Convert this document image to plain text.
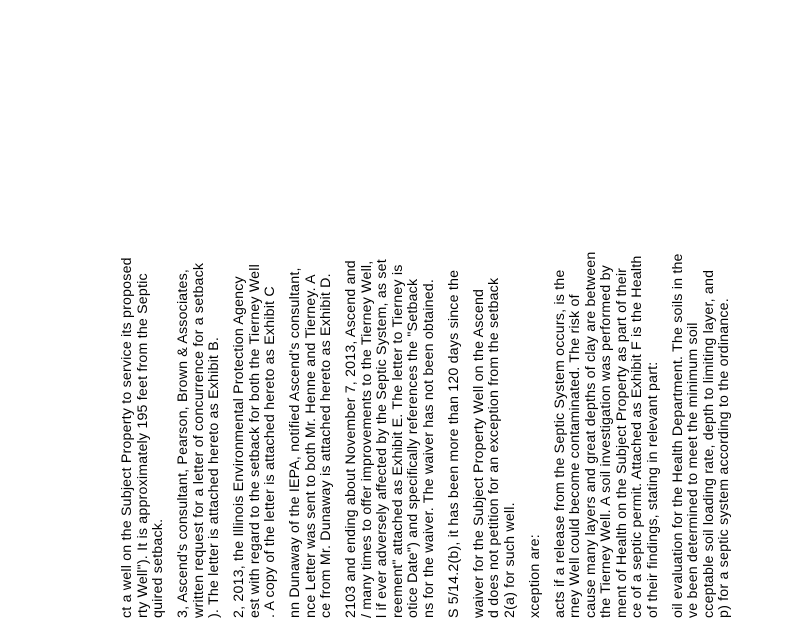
ct a well on the Subject Property to service its proposed rty Well"). It is approximately 195 feet from the Septic quired setback. 3, Ascend's consultant, Pearson, Brown & Associates, written request for a letter of concurrence for a setback ). The letter is attached hereto as Exhibit B. 2, 2013, the Illinois Environmental Protection Agency est with regard to the setback for both the Tierney Well . A copy of the letter is attached hereto as Exhibit C nn Dunaway of the IEPA, notified Ascend's consultant, nce Letter was sent to both Mr. Henne and Tierney. A ce from Mr. Dunaway is attached hereto as Exhibit D. 2103 and ending about November 7, 2013, Ascend and / many times to offer improvements to the Tierney Well, l if ever adversely affected by the Septic System, as set reement" attached as Exhibit E. The letter to Tierney is otice Date") and specifically references the "Setback ns for the waiver. The waiver has not been obtained. S 5/14.2(b), it has been more than 120 days since the waiver for the Subject Property Well on the Ascend d does not petition for an exception from the setback 2(a) for such well. xception are: acts if a release from the Septic System occurs, is the rney Well could become contaminated. The risk of cause many layers and great depths of clay are between the Tierney Well. A soil investigation was performed by ment of Health on the Subject Property as part of their ce of a septic permit. Attached as Exhibit F is the Health of their findings, stating in relevant part: oil evaluation for the Health Department. The soils in the ve been determined to meet the minimum soil cceptable soil loading rate, depth to limiting layer, and p) for a septic system according to the ordinance.
